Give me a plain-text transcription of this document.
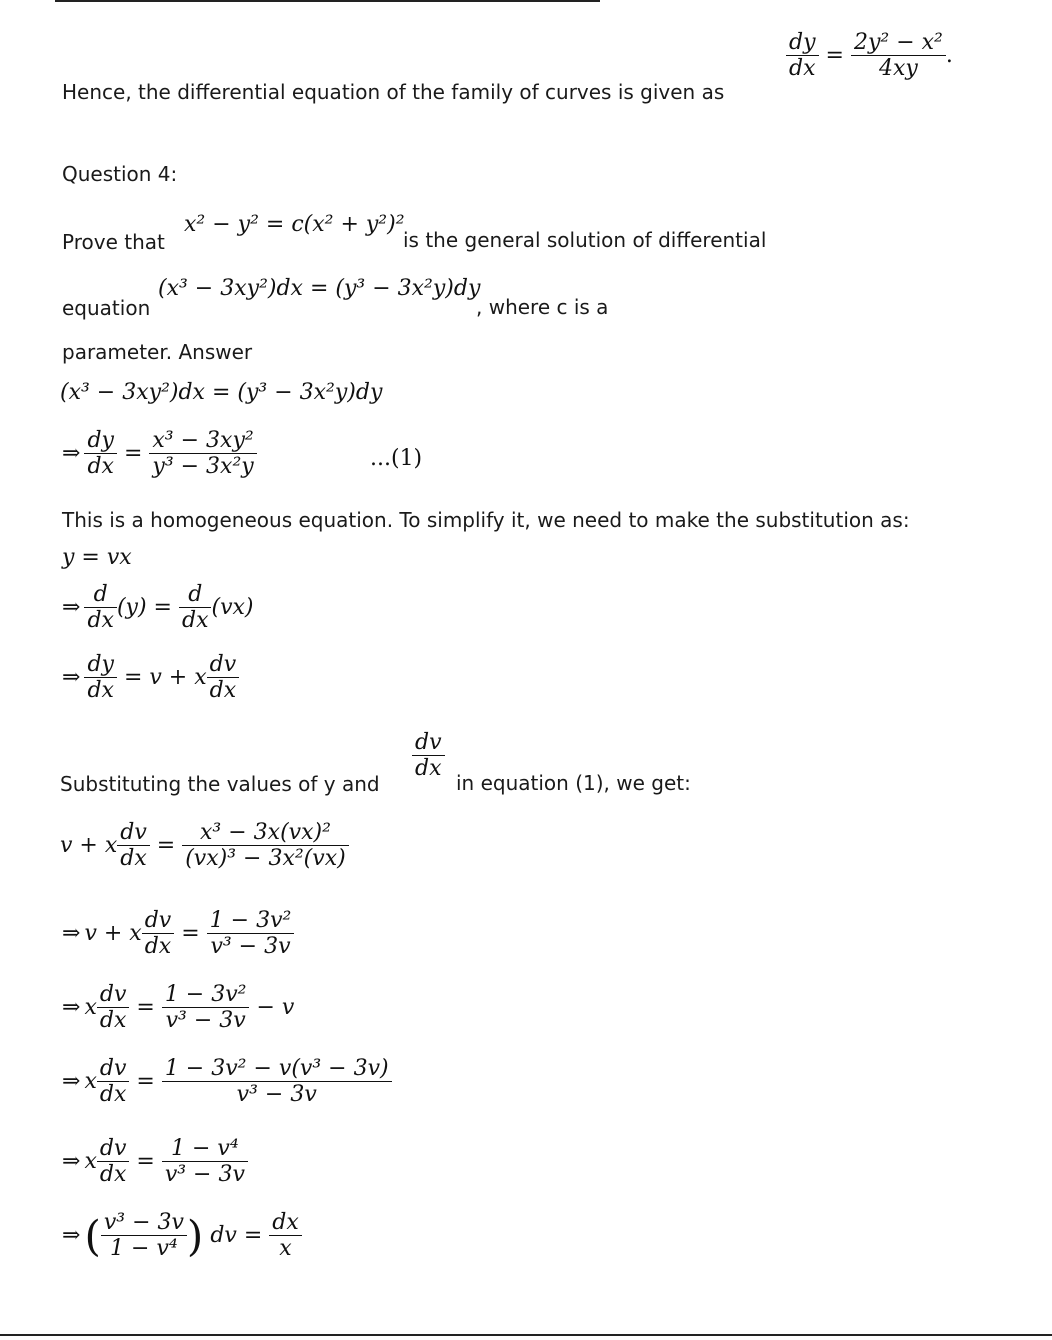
Hence, the differential equation of the family of curves is given as
$\frac{dy}{dx} = \frac{\text{2y² − x²}}{4xy}$ .
Question 4:
Prove that
x² − y² = c(x² + y²)²
is the general solution of differential
equation
(x³ − 3xy²)dx = (y³ − 3x²y)dy
, where c is a
parameter. Answer
(x³ − 3xy²)dx = (y³ − 3x²y)dy
⇒ $\frac{dy}{dx} = \frac{\text{x³ − 3xy²}}{\text{y³ − 3x²y}}$	...(1)
This is a homogeneous equation. To simplify it, we need to make the substitution as:
y = vx
⇒ $\frac{d}{dx} (y) = \frac{d}{dx} (vx)$
⇒ $\frac{dy}{dx} = v + x \frac{dv}{dx}$
$\frac{dv}{dx}$
Substituting the values of y and	in equation (1), we get:
v + x $\frac{dv}{dx} = \frac{\text{x³ − 3x(vx)²}}{\text{(vx)³ − 3x²(vx)}}$
⇒ v + x $\frac{dv}{dx} = \frac{\text{1 − 3v²}}{\text{v³ − 3v}}$
⇒ x $\frac{dv}{dx} = \frac{\text{1 − 3v²}}{\text{v³ − 3v}} - v$
⇒ x $\frac{dv}{dx} = \frac{\text{1 − 3v² − v(v³ − 3v)}}{\text{v³ − 3v}}$
⇒ x $\frac{dv}{dx} = \frac{\text{1 − v⁴}}{\text{v³ − 3v}}$
⇒( $\frac{\text{v³ − 3v}}{\text{1 − v⁴}}$ ) dv = $\frac{dx}{x}$
